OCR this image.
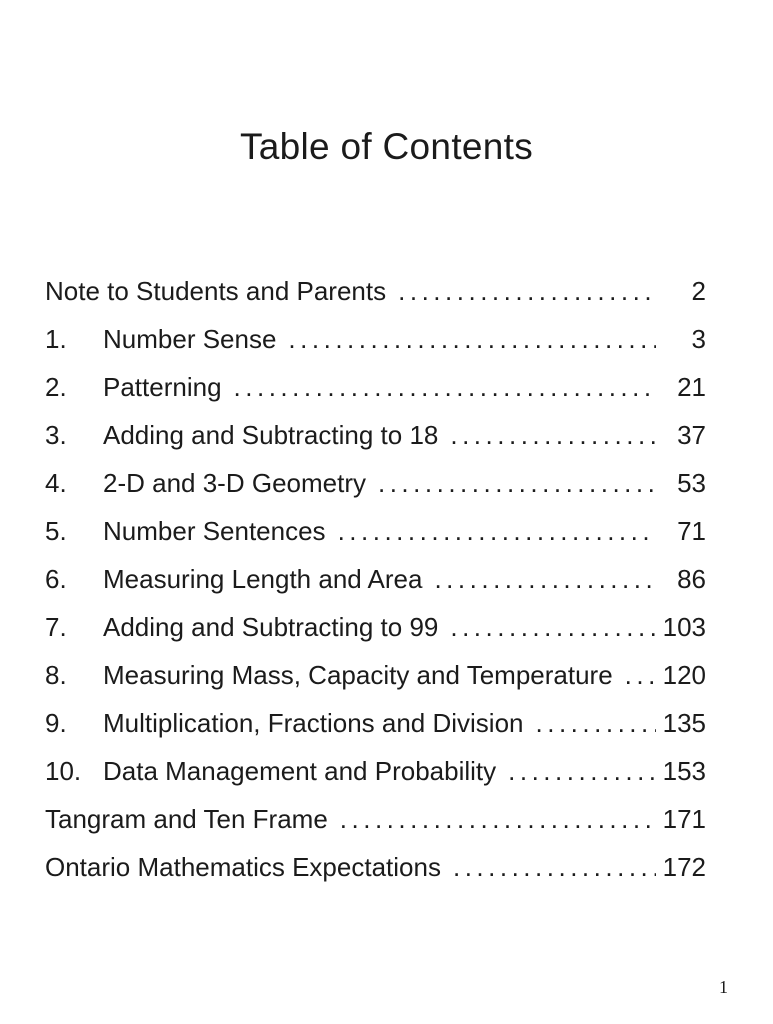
Table of Contents
Note to Students and Parents .....	2
1.	Number Sense .....	3
2.	Patterning .....	21
3.	Adding and Subtracting to 18 .....	37
4.	2-D and 3-D Geometry .....	53
5.	Number Sentences .....	71
6.	Measuring Length and Area .....	86
7.	Adding and Subtracting to 99 .....	103
8.	Measuring Mass, Capacity and Temperature ..... 120
9.	Multiplication, Fractions and Division .....	135
10. Data Management and Probability .....	153
Tangram and Ten Frame .....	171
Ontario Mathematics Expectations .....	172
1
